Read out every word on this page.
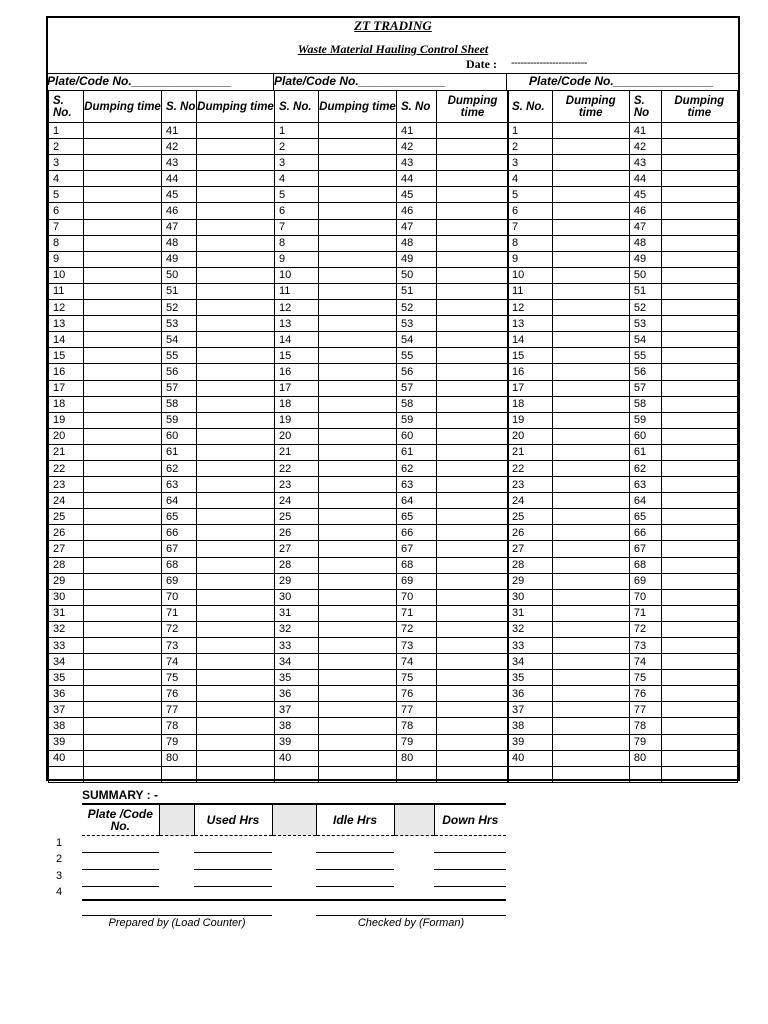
ZT TRADING
Waste Material Hauling Control Sheet
Date : ------------------------
Plate/Code No._______________	Plate/Code No._____________	Plate/Code No._______________
S. No.	Dumping time	S. No	Dumping time
1		41	
2		42	
3		43	
4		44	
5		45	
6		46	
7		47	
8		48	
9		49	
10		50	
11		51	
12		52	
13		53	
14		54	
15		55	
16		56	
17		57	
18		58	
19		59	
20		60	
21		61	
22		62	
23		63	
24		64	
25		65	
26		66	
27		67	
28		68	
29		69	
30		70	
31		71	
32		72	
33		73	
34		74	
35		75	
36		76	
37		77	
38		78	
39		79	
40		80	

S. No.	Dumping time	S. No	Dumping time
1		41	
2		42	
3		43	
4		44	
5		45	
6		46	
7		47	
8		48	
9		49	
10		50	
11		51	
12		52	
13		53	
14		54	
15		55	
16		56	
17		57	
18		58	
19		59	
20		60	
21		61	
22		62	
23		63	
24		64	
25		65	
26		66	
27		67	
28		68	
29		69	
30		70	
31		71	
32		72	
33		73	
34		74	
35		75	
36		76	
37		77	
38		78	
39		79	
40		80	

S. No.	Dumping time	S. No	Dumping time
1		41	
2		42	
3		43	
4		44	
5		45	
6		46	
7		47	
8		48	
9		49	
10		50	
11		51	
12		52	
13		53	
14		54	
15		55	
16		56	
17		57	
18		58	
19		59	
20		60	
21		61	
22		62	
23		63	
24		64	
25		65	
26		66	
27		67	
28		68	
29		69	
30		70	
31		71	
32		72	
33		73	
34		74	
35		75	
36		76	
37		77	
38		78	
39		79	
40		80	

SUMMARY : -
Plate /Code No.		Used Hrs		Idle Hrs		Down Hrs

1
2
3
4
Prepared by (Load Counter)	Checked by (Forman)
